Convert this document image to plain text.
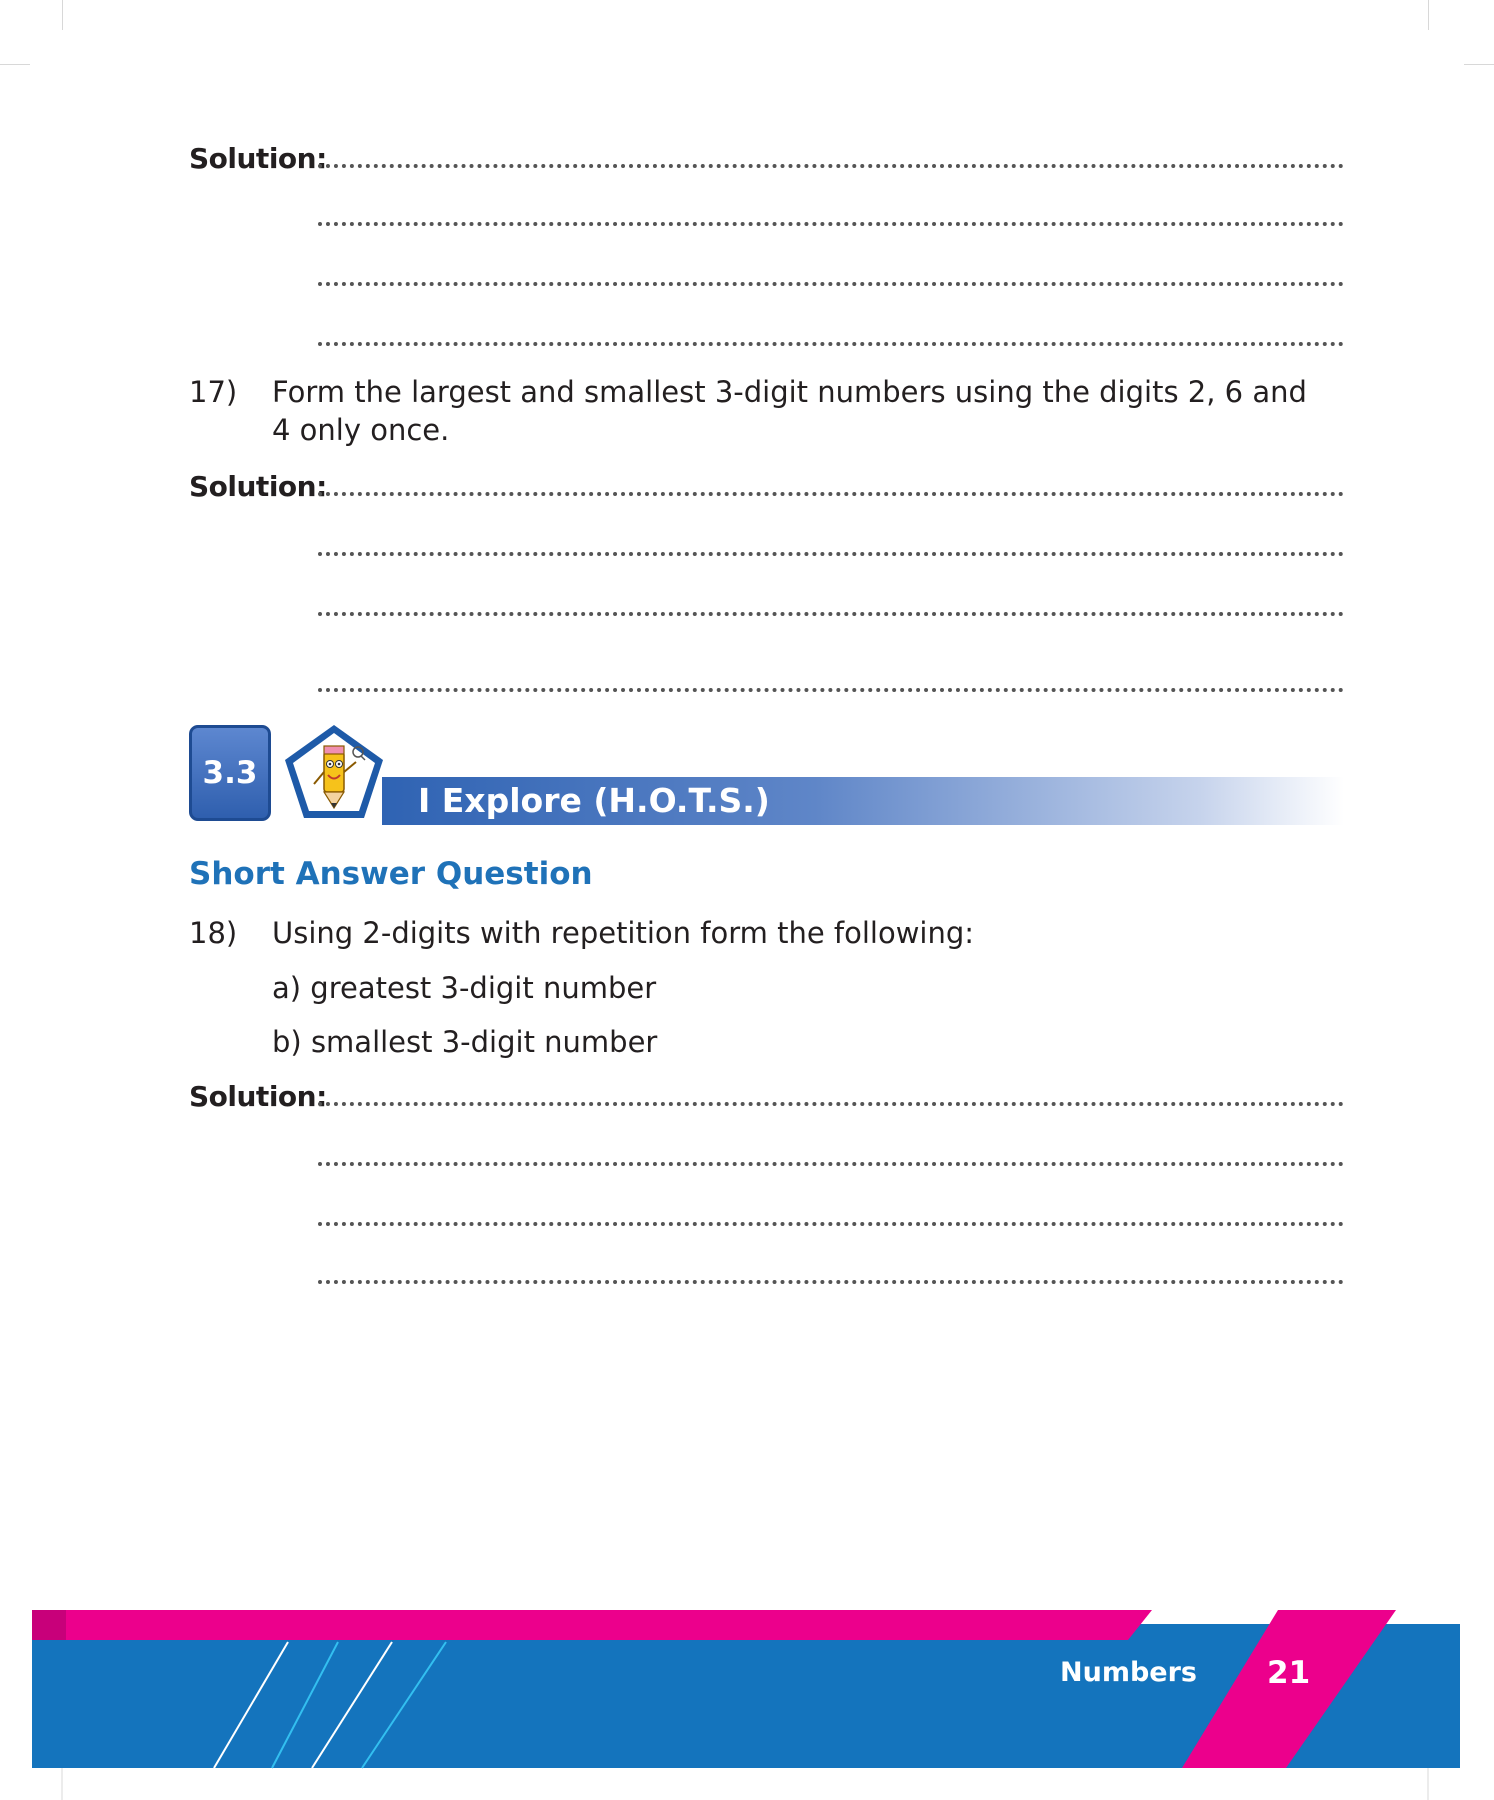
Solution:
17) Form the largest and smallest 3-digit numbers using the digits 2, 6 and 4 only once.
Solution:
3.3
I Explore (H.O.T.S.)
Short Answer Question
18) Using 2-digits with repetition form the following:
a) greatest 3-digit number
b) smallest 3-digit number
Solution:
Numbers 21
